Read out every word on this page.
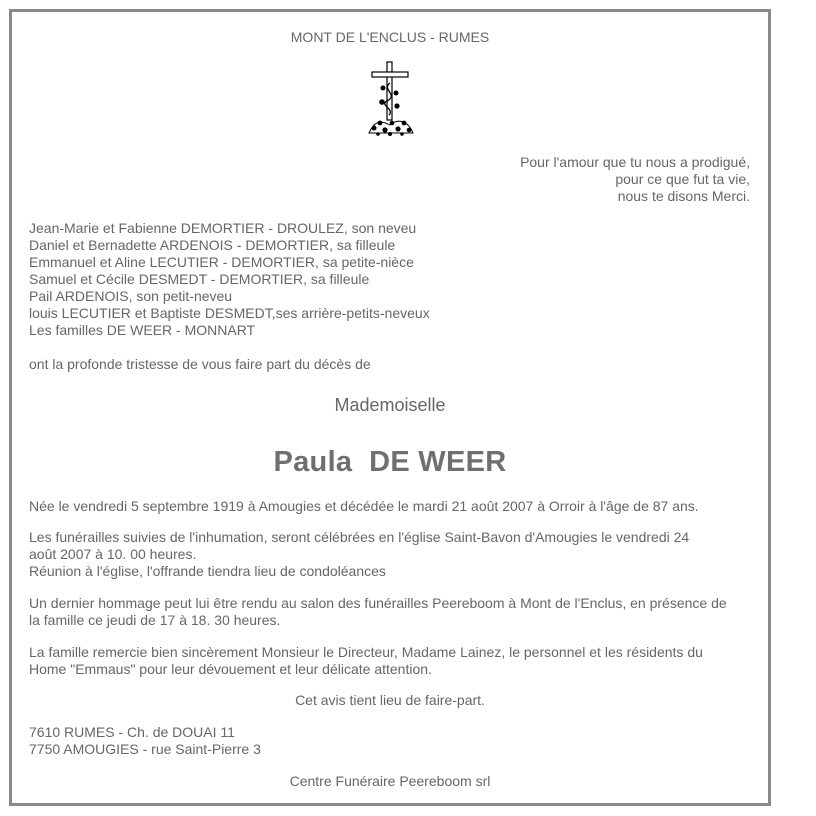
MONT DE L'ENCLUS - RUMES
Pour l'amour que tu nous a prodigué,
pour ce que fut ta vie,
nous te disons Merci.
Jean-Marie et Fabienne DEMORTIER - DROULEZ, son neveu
Daniel et Bernadette ARDENOIS - DEMORTIER, sa filleule
Emmanuel et Aline LECUTIER - DEMORTIER, sa petite-nièce
Samuel et Cécile DESMEDT - DEMORTIER, sa filleule
Pail ARDENOIS, son petit-neveu
louis LECUTIER et Baptiste DESMEDT,ses arrière-petits-neveux
Les familles DE WEER - MONNART
ont la profonde tristesse de vous faire part du décès de
Mademoiselle
Paula  DE WEER
Née le vendredi 5 septembre 1919 à Amougies et décédée le mardi 21 août 2007 à Orroir à l'âge de 87 ans.
Les funérailles suivies de l'inhumation, seront célébrées en l'église Saint-Bavon d'Amougies le vendredi 24
août 2007 à 10. 00 heures.
Réunion à l'église, l'offrande tiendra lieu de condoléances
Un dernier hommage peut lui être rendu au salon des funérailles Peereboom à Mont de l'Enclus, en présence de
la famille ce jeudi de 17 à 18. 30 heures.
La famille remercie bien sincèrement Monsieur le Directeur, Madame Lainez, le personnel et les résidents du
Home "Emmaus" pour leur dévouement et leur délicate attention.
Cet avis tient lieu de faire-part.
7610 RUMES - Ch. de DOUAI 11
7750 AMOUGIES - rue Saint-Pierre 3
Centre Funéraire Peereboom srl
